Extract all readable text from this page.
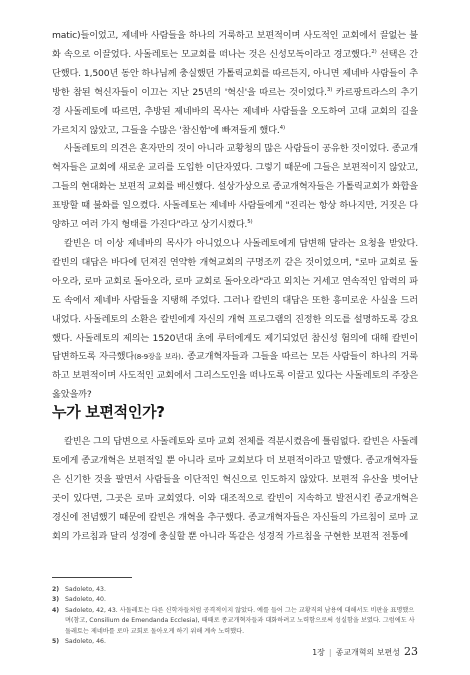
matic)들이었고, 제네바 사람들을 하나의 거룩하고 보편적이며 사도적인 교회에서 끌없는 불화 속으로 이끌었다. 사돌레토는 모교회를 떠나는 것은 신성모독이라고 경고했다.$^{2)}$ 선택은 간단했다. 1,500년 동안 하나님께 충실했던 가톨릭교회를 따르든지, 아니면 제네바 사람들이 추방한 참된 혁신자들이 이끄는 지난 25년의 '혁신'을 따르는 것이었다.$^{3)}$ 카르팡트라스의 추기경 사돌레토에 따르면, 추방된 제네바의 목사는 제네바 사람들을 오도하여 고대 교회의 길을 가르치지 않았고, 그들을 수많은 '참신함'에 빠져들게 했다.$^{4)}$

사돌레토의 의견은 혼자만의 것이 아니라 교황청의 많은 사람들이 공유한 것이었다. 종교개혁자들은 교회에 새로운 교리를 도입한 이단자였다. 그렇기 때문에 그들은 보편적이지 않았고, 그들의 현대화는 보편적 교회를 배신했다. 설상가상으로 종교개혁자들은 가톨릭교회가 화합을 표방할 때 불화를 일으켰다. 사돌레토는 제네바 사람들에게 "진리는 항상 하나지만, 거짓은 다양하고 여러 가지 형태를 가진다"라고 상기시켰다.$^{5)}$

칼빈은 더 이상 제네바의 목사가 아니었으나 사돌레토에게 답변해 달라는 요청을 받았다. 칼빈의 대답은 바다에 던져진 연약한 개혁교회의 구명조끼 같은 것이었으며, "로마 교회로 돌아오라, 로마 교회로 돌아오라, 로마 교회로 돌아오라"라고 외치는 거세고 연속적인 압력의 파도 속에서 제네바 사람들을 지탱해 주었다. 그러나 칼빈의 대답은 또한 흥미로운 사실을 드러내었다. 사돌레토의 소환은 칼빈에게 자신의 개혁 프로그램의 진정한 의도를 설명하도록 강요했다. 사돌레토의 제의는 1520년대 초에 루터에게도 제기되었던 참신성 혐의에 대해 칼빈이 답변하도록 자극했다(8-9장을 보라). 종교개혁자들과 그들을 따르는 모든 사람들이 하나의 거룩하고 보편적이며 사도적인 교회에서 그리스도인을 떠나도록 이끌고 있다는 사돌레토의 주장은 옳았을까?

누가 보편적인가?

칼빈은 그의 답변으로 사돌레토와 로마 교회 전체를 격분시켰음에 틀림없다. 칼빈은 사돌레토에게 종교개혁은 보편적일 뿐 아니라 로마 교회보다 더 보편적이라고 말했다. 종교개혁자들은 신기한 것을 팔면서 사람들을 이단적인 혁신으로 인도하지 않았다. 보편적 유산을 벗어난 곳이 있다면, 그곳은 로마 교회였다. 이와 대조적으로 칼빈이 지속하고 발전시킨 종교개혁은 경신에 전념했기 때문에 칼빈은 개혁을 추구했다. 종교개혁자들은 자신들의 가르침이 로마 교회의 가르침과 달리 성경에 충실할 뿐 아니라 똑같은 성경적 가르침을 구현한 보편적 전통에

2) Sadoleto, 43.
3) Sadoleto, 40.
4) Sadoleto, 42, 43. 사돌레토는 다른 신학자들처럼 공격적이지 않았다. 예를 들어 그는 교황직의 남용에 대해서도 비판을 표명했으며(참고, Consilium de Emendanda Ecclesia), 때때로 종교개혁자들과 대화하려고 노력함으로써 성실함을 보였다. 그럼에도 사돌레토는 제네바를 로마 교회로 돌아오게 하기 위해 계속 노력했다.
5) Sadoleto, 46.
1장 | 종교개혁의 보편성 23
